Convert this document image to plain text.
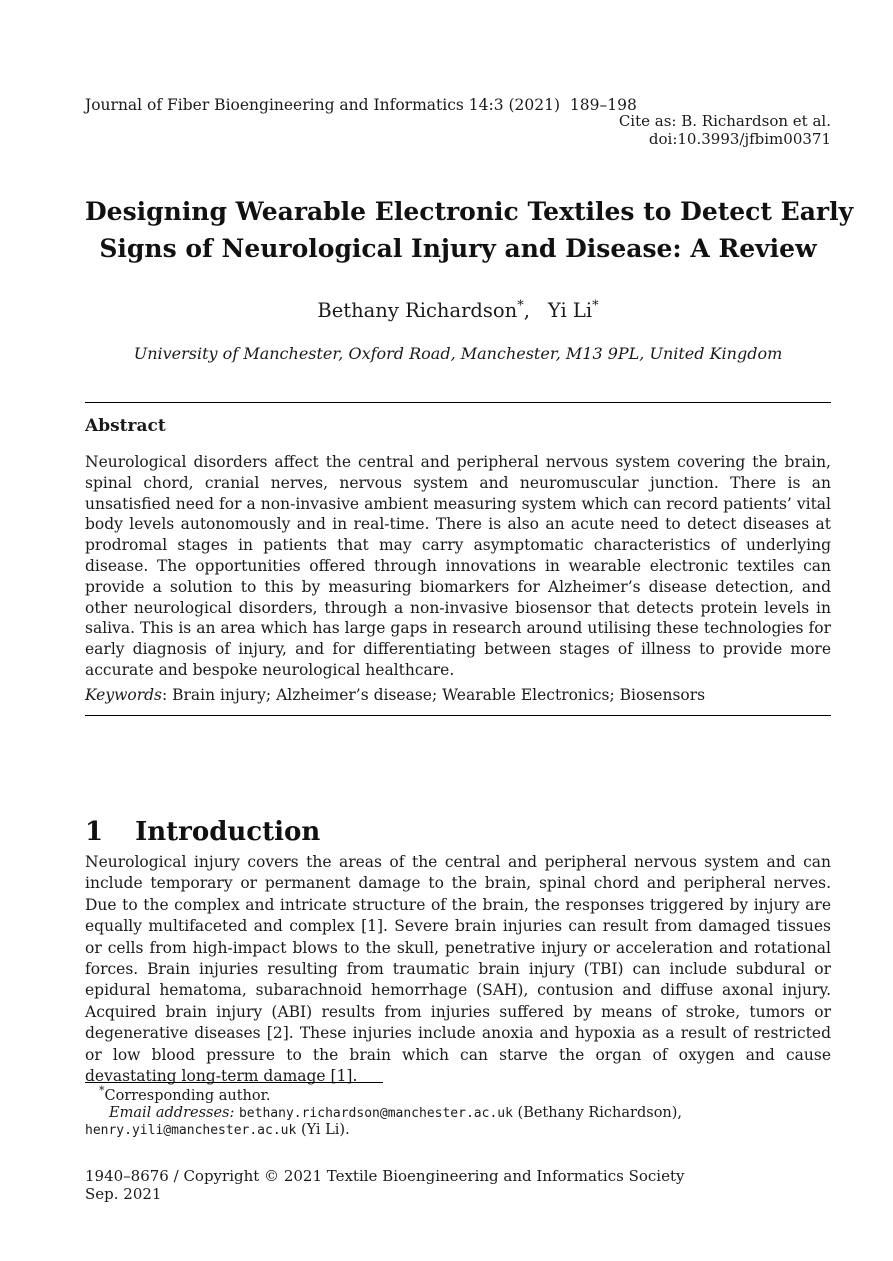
Journal of Fiber Bioengineering and Informatics 14:3 (2021)  189–198
Cite as: B. Richardson et al.
doi:10.3993/jfbim00371
Designing Wearable Electronic Textiles to Detect Early
Signs of Neurological Injury and Disease: A Review
Bethany Richardson*, Yi Li*
University of Manchester, Oxford Road, Manchester, M13 9PL, United Kingdom
Abstract
Neurological disorders affect the central and peripheral nervous system covering the brain, spinal chord, cranial nerves, nervous system and neuromuscular junction. There is an unsatisfied need for a non-invasive ambient measuring system which can record patients’ vital body levels autonomously and in real-time. There is also an acute need to detect diseases at prodromal stages in patients that may carry asymptomatic characteristics of underlying disease. The opportunities offered through innovations in wearable electronic textiles can provide a solution to this by measuring biomarkers for Alzheimer’s disease detection, and other neurological disorders, through a non-invasive biosensor that detects protein levels in saliva. This is an area which has large gaps in research around utilising these technologies for early diagnosis of injury, and for differentiating between stages of illness to provide more accurate and bespoke neurological healthcare.
Keywords: Brain injury; Alzheimer’s disease; Wearable Electronics; Biosensors
1 Introduction
Neurological injury covers the areas of the central and peripheral nervous system and can include temporary or permanent damage to the brain, spinal chord and peripheral nerves. Due to the complex and intricate structure of the brain, the responses triggered by injury are equally multifaceted and complex [1]. Severe brain injuries can result from damaged tissues or cells from high-impact blows to the skull, penetrative injury or acceleration and rotational forces. Brain injuries resulting from traumatic brain injury (TBI) can include subdural or epidural hematoma, subarachnoid hemorrhage (SAH), contusion and diffuse axonal injury. Acquired brain injury (ABI) results from injuries suffered by means of stroke, tumors or degenerative diseases [2]. These injuries include anoxia and hypoxia as a result of restricted or low blood pressure to the brain which can starve the organ of oxygen and cause devastating long-term damage [1].
*Corresponding author.
Email addresses: bethany.richardson@manchester.ac.uk (Bethany Richardson),
henry.yili@manchester.ac.uk (Yi Li).
1940–8676 / Copyright © 2021 Textile Bioengineering and Informatics Society
Sep. 2021
